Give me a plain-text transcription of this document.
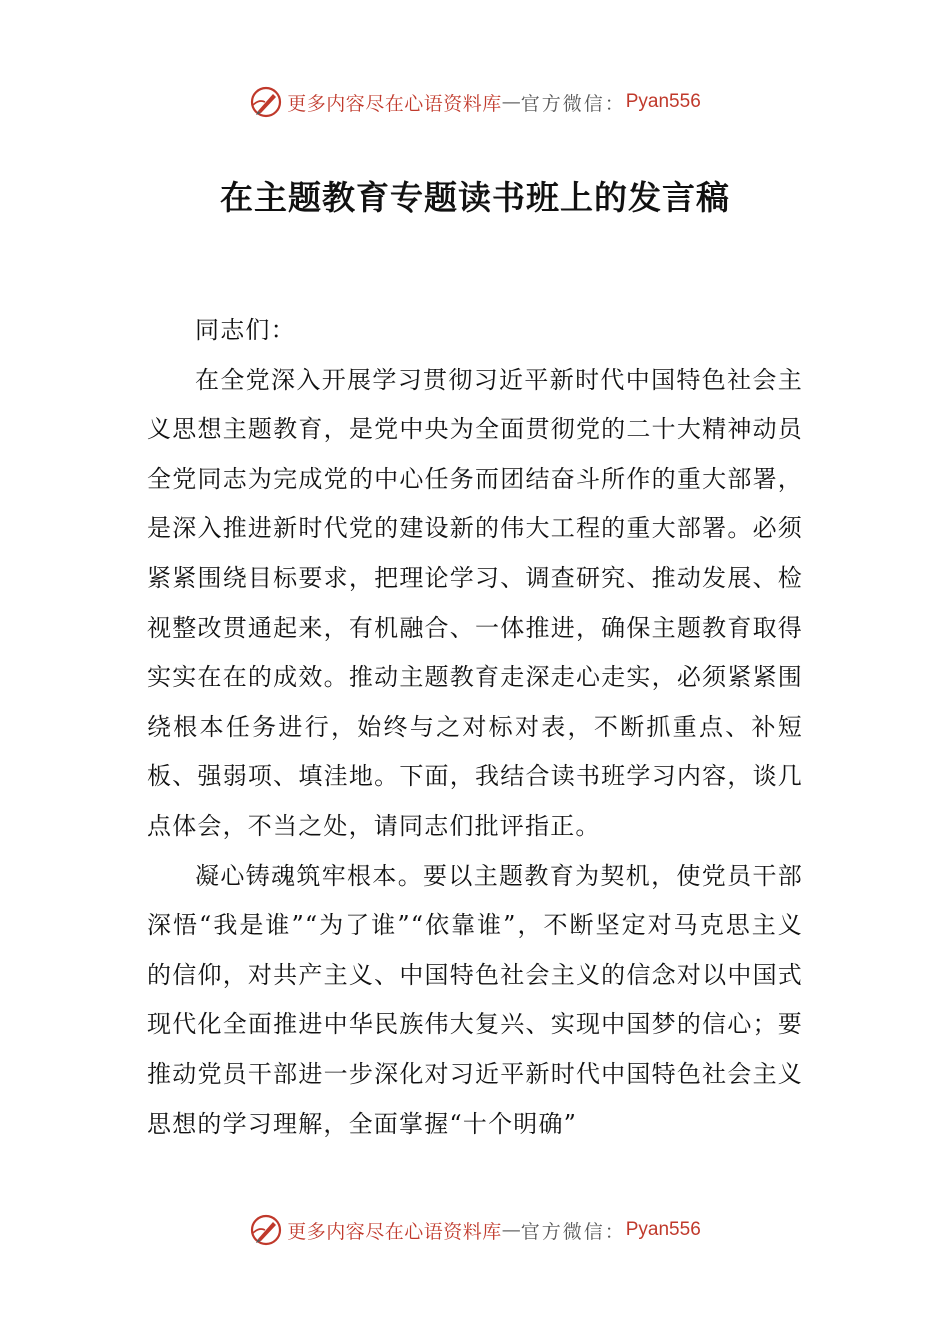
更多内容尽在心语资料库 — 官方微信： Pyan556
在主题教育专题读书班上的发言稿

同志们：

在全党深入开展学习贯彻习近平新时代中国特色社会主义思想主题教育，是党中央为全面贯彻党的二十大精神动员全党同志为完成党的中心任务而团结奋斗所作的重大部署，是深入推进新时代党的建设新的伟大工程的重大部署。必须紧紧围绕目标要求，把理论学习、调查研究、推动发展、检视整改贯通起来，有机融合、一体推进，确保主题教育取得实实在在的成效。推动主题教育走深走心走实，必须紧紧围绕根本任务进行，始终与之对标对表，不断抓重点、补短板、强弱项、填洼地。下面，我结合读书班学习内容，谈几点体会，不当之处，请同志们批评指正。

凝心铸魂筑牢根本。要以主题教育为契机，使党员干部深悟“我是谁”“为了谁”“依靠谁”，不断坚定对马克思主义的信仰，对共产主义、中国特色社会主义的信念对以中国式现代化全面推进中华民族伟大复兴、实现中国梦的信心；要推动党员干部进一步深化对习近平新时代中国特色社会主义思想的学习理解，全面掌握“十个明确”

更多内容尽在心语资料库 — 官方微信： Pyan556
